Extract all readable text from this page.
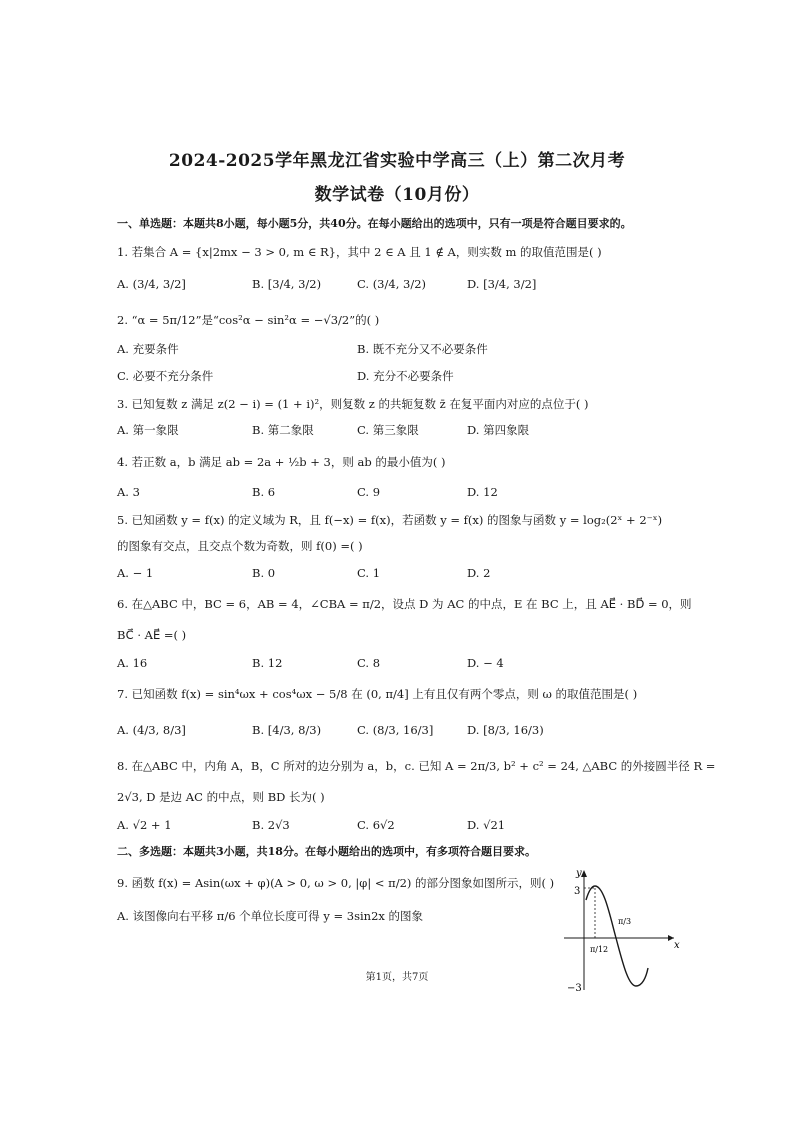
2024-2025学年黑龙江省实验中学高三（上）第二次月考
数学试卷（10月份）
一、单选题：本题共8小题，每小题5分，共40分。在每小题给出的选项中，只有一项是符合题目要求的。
1. 若集合 A = {x|2mx − 3 > 0, m ∈ R}，其中 2 ∈ A 且 1 ∉ A，则实数 m 的取值范围是( )
A. (3/4, 3/2]	B. [3/4, 3/2)	C. (3/4, 3/2)	D. [3/4, 3/2]
2. “α = 5π/12”是“cos²α − sin²α = −√3/2”的( )
A. 充要条件	B. 既不充分又不必要条件
C. 必要不充分条件	D. 充分不必要条件
3. 已知复数 z 满足 z(2 − i) = (1 + i)²，则复数 z 的共轭复数 z̄ 在复平面内对应的点位于( )
A. 第一象限	B. 第二象限	C. 第三象限	D. 第四象限
4. 若正数 a，b 满足 ab = 2a + ½b + 3，则 ab 的最小值为( )
A. 3	B. 6	C. 9	D. 12
5. 已知函数 y = f(x) 的定义域为 R，且 f(−x) = f(x)，若函数 y = f(x) 的图象与函数 y = log₂(2ˣ + 2⁻ˣ)
的图象有交点，且交点个数为奇数，则 f(0) =( )
A. − 1	B. 0	C. 1	D. 2
6. 在△ABC 中，BC = 6，AB = 4，∠CBA = π/2，设点 D 为 AC 的中点，E 在 BC 上，且 AE⃗ · BD⃗ = 0，则
BC⃗ · AE⃗ =( )
A. 16	B. 12	C. 8	D. − 4
7. 已知函数 f(x) = sin⁴ωx + cos⁴ωx − 5/8 在 (0, π/4] 上有且仅有两个零点，则 ω 的取值范围是( )
A. (4/3, 8/3]	B. [4/3, 8/3)	C. (8/3, 16/3]	D. [8/3, 16/3)
8. 在△ABC 中，内角 A，B，C 所对的边分别为 a，b，c. 已知 A = 2π/3, b² + c² = 24, △ABC 的外接圆半径 R =
2√3, D 是边 AC 的中点，则 BD 长为( )
A. √2 + 1	B. 2√3	C. 6√2	D. √21
二、多选题：本题共3小题，共18分。在每小题给出的选项中，有多项符合题目要求。
9. 函数 f(x) = Asin(ωx + φ)(A > 0, ω > 0, |φ| < π/2) 的部分图象如图所示，则( )
A. 该图像向右平移 π/6 个单位长度可得 y = 3sin2x 的图象
x
y
3
−3
π/12
π/3
第1页，共7页
